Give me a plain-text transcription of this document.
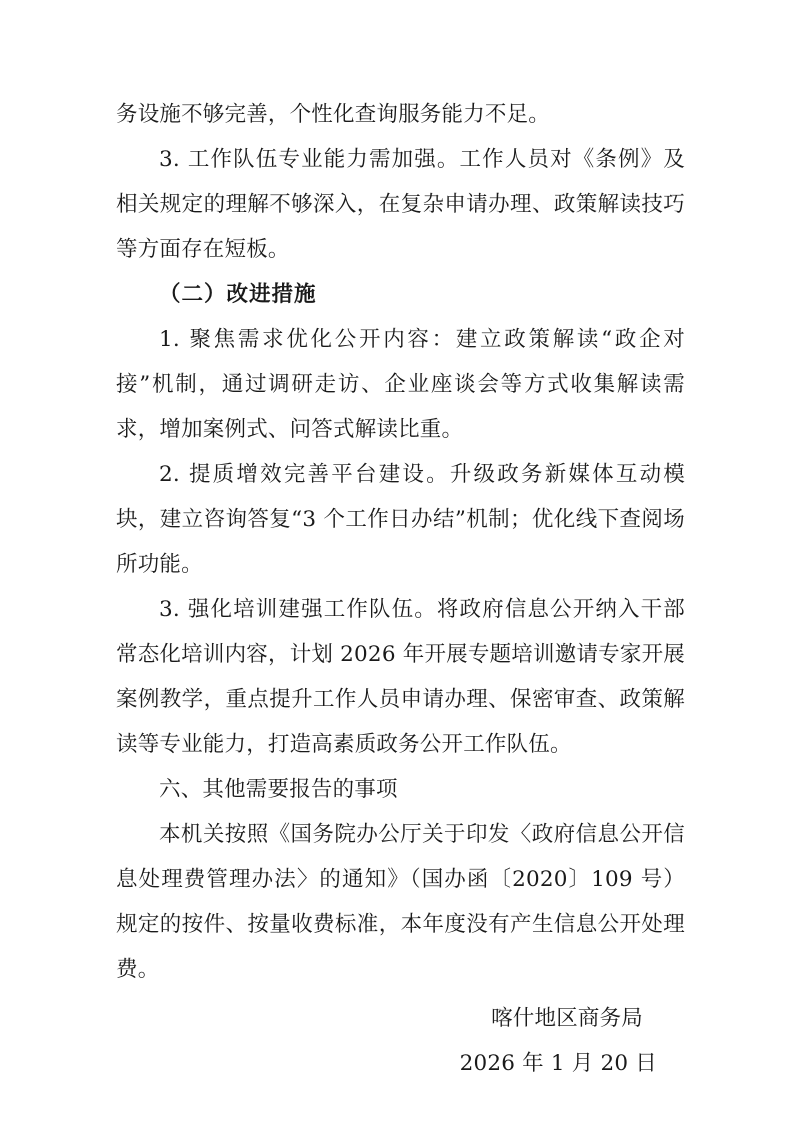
务设施不够完善，个性化查询服务能力不足。

3. 工作队伍专业能力需加强。工作人员对《条例》及相关规定的理解不够深入，在复杂申请办理、政策解读技巧等方面存在短板。

（二）改进措施

1. 聚焦需求优化公开内容：建立政策解读“政企对接”机制，通过调研走访、企业座谈会等方式收集解读需求，增加案例式、问答式解读比重。

2. 提质增效完善平台建设。升级政务新媒体互动模块，建立咨询答复“3 个工作日办结”机制；优化线下查阅场所功能。

3. 强化培训建强工作队伍。将政府信息公开纳入干部常态化培训内容，计划 2026 年开展专题培训邀请专家开展案例教学，重点提升工作人员申请办理、保密审查、政策解读等专业能力，打造高素质政务公开工作队伍。

六、其他需要报告的事项

本机关按照《国务院办公厅关于印发〈政府信息公开信息处理费管理办法〉的通知》（国办函〔2020〕109 号）规定的按件、按量收费标准，本年度没有产生信息公开处理费。

喀什地区商务局

2026 年 1 月 20 日
